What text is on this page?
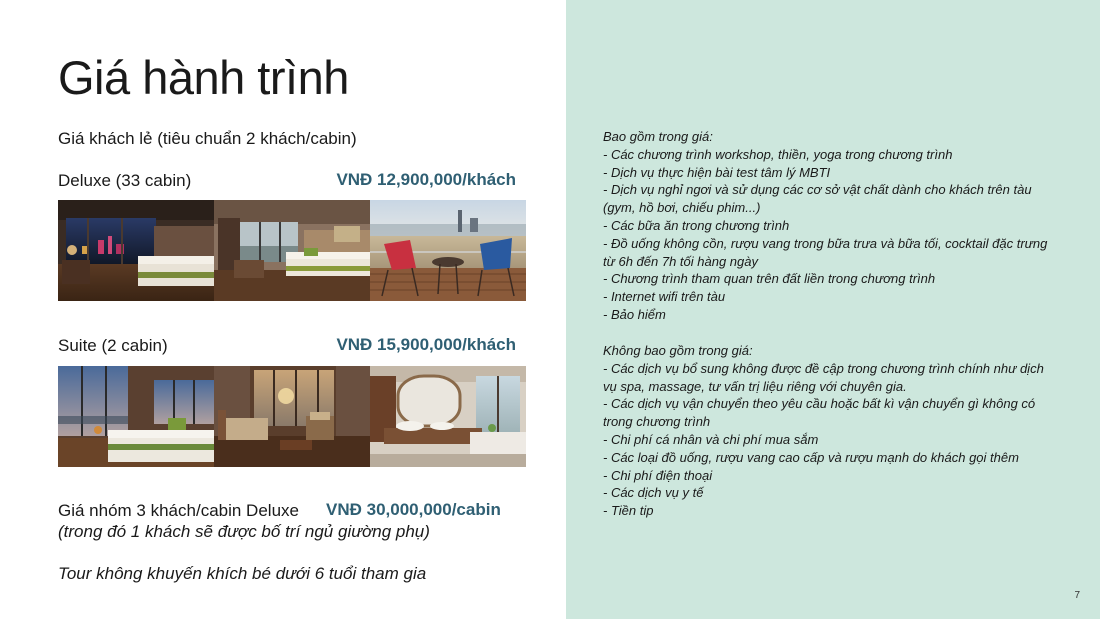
Giá hành trình
Giá khách lẻ (tiêu chuẩn 2 khách/cabin)
Deluxe (33 cabin)	VNĐ 12,900,000/khách
Suite (2 cabin)	VNĐ 15,900,000/khách
Giá nhóm 3 khách/cabin Deluxe VNĐ 30,000,000/cabin
(trong đó 1 khách sẽ được bố trí ngủ giường phụ)
Tour không khuyến khích bé dưới 6 tuổi tham gia
Bao gồm trong giá:
- Các chương trình workshop, thiền, yoga trong chương trình
- Dịch vụ thực hiện bài test tâm lý MBTI
- Dịch vụ nghỉ ngơi và sử dụng các cơ sở vật chất dành cho khách trên tàu (gym, hồ bơi, chiếu phim...)
- Các bữa ăn trong chương trình
- Đồ uống không cồn, rượu vang trong bữa trưa và bữa tối, cocktail đặc trưng từ 6h đến 7h tối hàng ngày
- Chương trình tham quan trên đất liền trong chương trình
- Internet wifi trên tàu
- Bảo hiểm
Không bao gồm trong giá:
- Các dịch vụ bổ sung không được đề cập trong chương trình chính như dịch vụ spa, massage, tư vấn trị liệu riêng với chuyên gia.
- Các dịch vụ vận chuyển theo yêu cầu hoặc bất kì vận chuyển gì không có trong chương trình
- Chi phí cá nhân và chi phí mua sắm
- Các loại đồ uống, rượu vang cao cấp và rượu mạnh do khách gọi thêm
- Chi phí điện thoại
- Các dịch vụ y tế
- Tiền tip
7
